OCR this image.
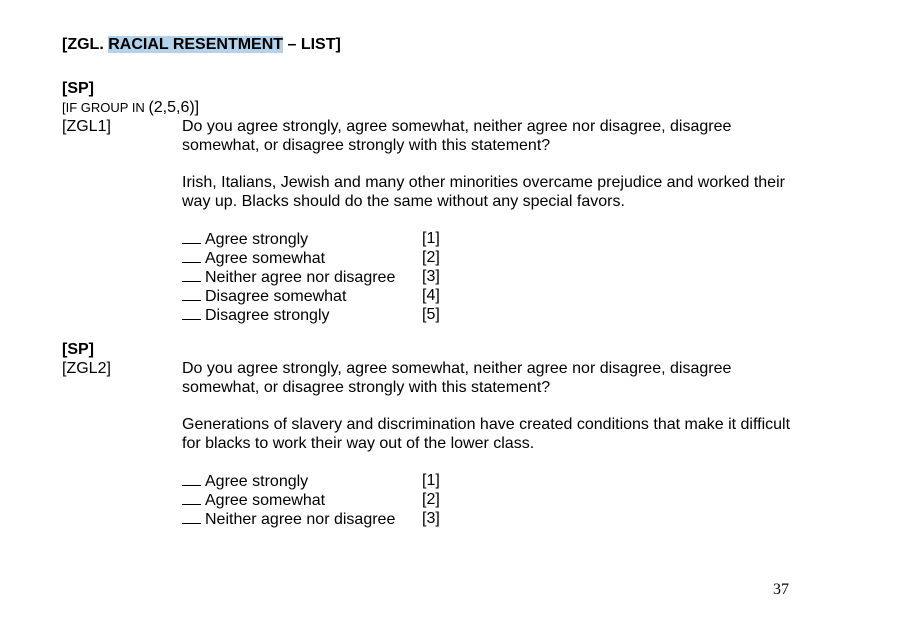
[ZGL. RACIAL RESENTMENT – LIST]
[SP]
[IF GROUP IN (2,5,6)]
[ZGL1]	Do you agree strongly, agree somewhat, neither agree nor disagree, disagree somewhat, or disagree strongly with this statement?
Irish, Italians, Jewish and many other minorities overcame prejudice and worked their way up. Blacks should do the same without any special favors.
Agree strongly	[1]
Agree somewhat	[2]
Neither agree nor disagree [3]
Disagree somewhat	[4]
Disagree strongly	[5]
[SP]
[ZGL2]	Do you agree strongly, agree somewhat, neither agree nor disagree, disagree somewhat, or disagree strongly with this statement?
Generations of slavery and discrimination have created conditions that make it difficult for blacks to work their way out of the lower class.
Agree strongly	[1]
Agree somewhat	[2]
Neither agree nor disagree [3]
37
